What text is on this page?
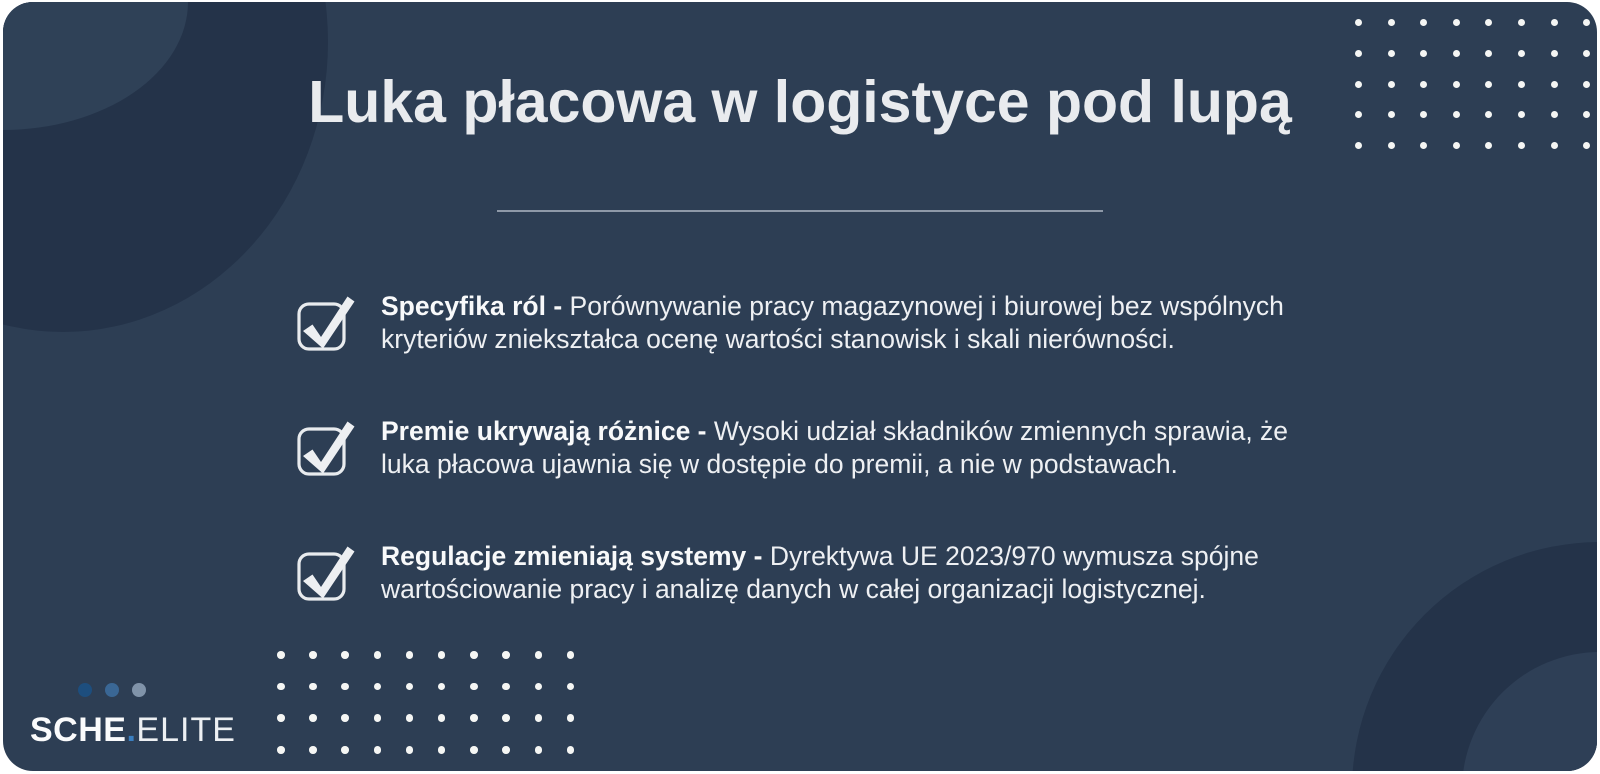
Luka płacowa w logistyce pod lupą
Specyfika ról - Porównywanie pracy magazynowej i biurowej bez wspólnych
kryteriów zniekształca ocenę wartości stanowisk i skali nierówności.
Premie ukrywają różnice - Wysoki udział składników zmiennych sprawia, że
luka płacowa ujawnia się w dostępie do premii, a nie w podstawach.
Regulacje zmieniają systemy - Dyrektywa UE 2023/970 wymusza spójne
wartościowanie pracy i analizę danych w całej organizacji logistycznej.
SCHE.ELITE
